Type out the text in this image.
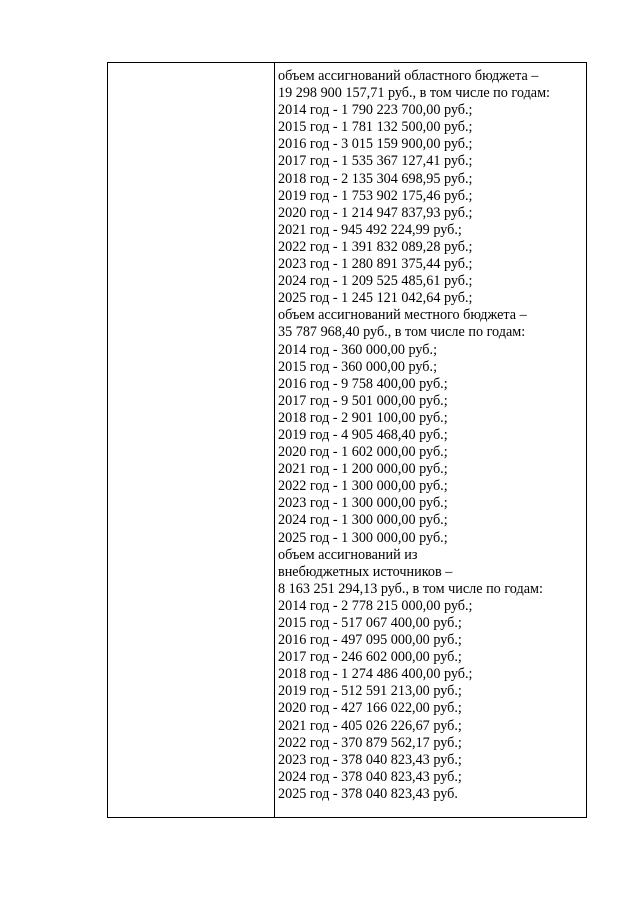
объем ассигнований областного бюджета –
19 298 900 157,71 руб., в том числе по годам:
2014 год - 1 790 223 700,00 руб.;
2015 год - 1 781 132 500,00 руб.;
2016 год - 3 015 159 900,00 руб.;
2017 год - 1 535 367 127,41 руб.;
2018 год - 2 135 304 698,95 руб.;
2019 год - 1 753 902 175,46 руб.;
2020 год - 1 214 947 837,93 руб.;
2021 год - 945 492 224,99 руб.;
2022 год - 1 391 832 089,28 руб.;
2023 год - 1 280 891 375,44 руб.;
2024 год - 1 209 525 485,61 руб.;
2025 год - 1 245 121 042,64 руб.;
объем ассигнований местного бюджета –
35 787 968,40 руб., в том числе по годам:
2014 год - 360 000,00 руб.;
2015 год - 360 000,00 руб.;
2016 год - 9 758 400,00 руб.;
2017 год - 9 501 000,00 руб.;
2018 год - 2 901 100,00 руб.;
2019 год - 4 905 468,40 руб.;
2020 год - 1 602 000,00 руб.;
2021 год - 1 200 000,00 руб.;
2022 год - 1 300 000,00 руб.;
2023 год - 1 300 000,00 руб.;
2024 год - 1 300 000,00 руб.;
2025 год - 1 300 000,00 руб.;
объем ассигнований из
внебюджетных источников –
8 163 251 294,13 руб., в том числе по годам:
2014 год - 2 778 215 000,00 руб.;
2015 год - 517 067 400,00 руб.;
2016 год - 497 095 000,00 руб.;
2017 год - 246 602 000,00 руб.;
2018 год - 1 274 486 400,00 руб.;
2019 год - 512 591 213,00 руб.;
2020 год - 427 166 022,00 руб.;
2021 год - 405 026 226,67 руб.;
2022 год - 370 879 562,17 руб.;
2023 год - 378 040 823,43 руб.;
2024 год - 378 040 823,43 руб.;
2025 год - 378 040 823,43 руб.
